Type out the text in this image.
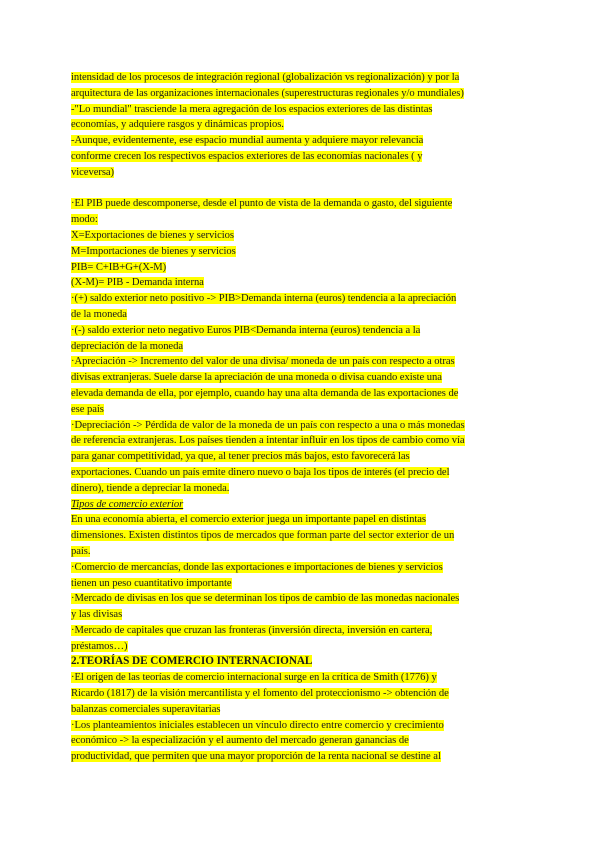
intensidad de los procesos de integración regional (globalización vs regionalización) y por la
arquitectura de las organizaciones internacionales (superestructuras regionales y/o mundiales)
-"Lo mundial" trasciende la mera agregación de los espacios exteriores de las distintas
economías, y adquiere rasgos y dinámicas propios.
-Aunque, evidentemente, ese espacio mundial aumenta y adquiere mayor relevancia
conforme crecen los respectivos espacios exteriores de las economías nacionales ( y
viceversa)
·El PIB puede descomponerse, desde el punto de vista de la demanda o gasto, del siguiente
modo:
X=Exportaciones de bienes y servicios
M=Importaciones de bienes y servicios
PIB= C+IB+G+(X-M)
(X-M)= PIB - Demanda interna
·(+) saldo exterior neto positivo -> PIB>Demanda interna (euros) tendencia a la apreciación
de la moneda
·(-) saldo exterior neto negativo Euros PIB<Demanda interna (euros) tendencia a la
depreciación de la moneda
·Apreciación -> Incremento del valor de una divisa/ moneda de un país con respecto a otras
divisas extranjeras. Suele darse la apreciación de una moneda o divisa cuando existe una
elevada demanda de ella, por ejemplo, cuando hay una alta demanda de las exportaciones de
ese país
·Depreciación -> Pérdida de valor de la moneda de un país con respecto a una o más monedas
de referencia extranjeras. Los países tienden a intentar influir en los tipos de cambio como vía
para ganar competitividad, ya que, al tener precios más bajos, esto favorecerá las
exportaciones. Cuando un país emite dinero nuevo o baja los tipos de interés (el precio del
dinero), tiende a depreciar la moneda.
Tipos de comercio exterior
En una economía abierta, el comercio exterior juega un importante papel en distintas
dimensiones. Existen distintos tipos de mercados que forman parte del sector exterior de un
país.
·Comercio de mercancías, donde las exportaciones e importaciones de bienes y servicios
tienen un peso cuantitativo importante
·Mercado de divisas en los que se determinan los tipos de cambio de las monedas nacionales
y las divisas
·Mercado de capitales que cruzan las fronteras (inversión directa, inversión en cartera,
préstamos…)
2.TEORÍAS DE COMERCIO INTERNACIONAL
·El origen de las teorías de comercio internacional surge en la crítica de Smith (1776) y
Ricardo (1817) de la visión mercantilista y el fomento del proteccionismo -> obtención de
balanzas comerciales superavitarias
·Los planteamientos iniciales establecen un vínculo directo entre comercio y crecimiento
económico -> la especialización y el aumento del mercado generan ganancias de
productividad, que permiten que una mayor proporción de la renta nacional se destine al
